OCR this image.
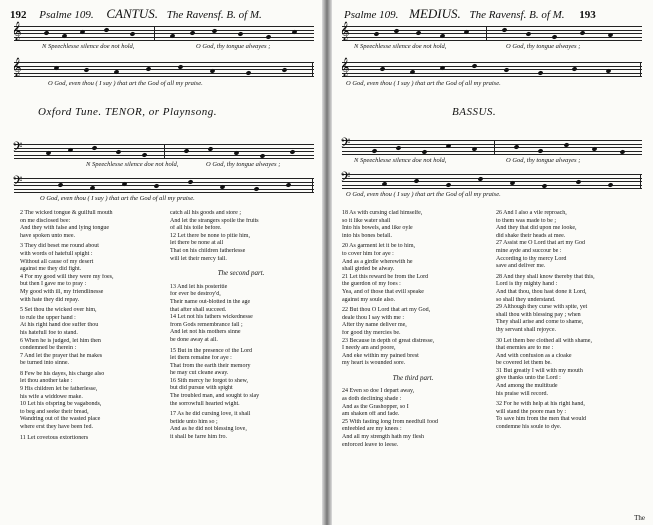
192 Psalme 109. CANTUS. The Ravensf. B. of M.
𝄞
N Speechlesse silence doe not hold,	O God, thy tongue alwayes ;
𝄞
O God, even thou ( I say ) that art the God of all my praise.
Oxford Tune. TENOR, or Playnsong.
𝄢
N Speechlesse silence doe not hold,	O God, thy tongue alwayes ;
𝄢
O God, even thou ( I say ) that art the God of all my praise.
2 The wicked tongue & guilfull mouth
on me disclosed bee:
And they with false and lying tongue
have spoken unto mee.

3 They did beset me round about
with words of hatefull spight :
Without all cause of my desert
against me they did fight.
4 For my good will they were my foes,
but then I gave me to pray :
My good with ill, my friendlinesse
with hate they did repay.

5 Set thou the wicked over him,
to rule the upper hand :
At his right hand doe suffer thou
his hatefull foe to stand.
6 When he is judged, let him then
condemned be therein :
7 And let the prayer that he makes
be turned into sinne.

8 Few be his dayes, his charge also
let thou another take :
9 His children let be fatherlesse,
his wife a widdowe make.
10 Let his ofspring be vagabonds,
to beg and seeke their bread,
Wandring out of the wasted place
where erst they have been fed.

11 Let covetous extortioners
catch all his goods and store ;
And let the strangers spoile the fruits
of all his toile before.
12 Let there be none to pitie him,
let there be none at all
That on his children fatherlesse
will let their mercy fall.

The second part.

13 And let his posteritie
for ever be destroy'd,
Their name out-blotted in the age
that after shall succeed.
14 Let not his fathers wickednesse
from Gods remembrance fall ;
And let not his mothers sinne
be done away at all.

15 But in the presence of the Lord
let them remaine for aye :
That from the earth their memory
he may cut cleane away.
16 Sith mercy he forgot to shew,
but did pursue with spight
The troubled man, and sought to slay
the sorrowfull hearted wight.

17 As he did cursing love, it shall
betide unto him so ;
And as he did not blessing love,
it shall be farre him fro.
Psalme 109. MEDIUS. The Ravensf. B. of M. 193
𝄞
N Speechlesse silence doe not hold,	O God, thy tongue alwayes ;
𝄞
O God, even thou ( I say ) that art the God of all my praise.
BASSUS.
𝄢
N Speechlesse silence doe not hold,	O God, thy tongue alwayes ;
𝄢
O God, even thou ( I say ) that art the God of all my praise.
18 As with cursing clad himselfe,
so it like water shall
Into his bowels, and like oyle
into his bones befall.

20 As garment let it be to him,
to cover him for aye :
And as a girdle wherewith he
shall girded be alway.
21 Let this reward be from the Lord
the guerdon of my foes :
Yea, and of those that evill speake
against my soule also.

22 But thou O Lord that art my God,
deale thou I say with me :
After thy name deliver me,
for good thy mercies be.
23 Because in depth of great distresse,
I needy am and poore,
And eke within my pained brest
my heart is wounded sore.

The third part.

24 Even so doe I depart away,
as doth declining shade :
And as the Grashopper, so I
am shaken off and fade.
25 With fasting long from needfull food
enfeebled are my knees :
And all my strength hath my flesh
enforced leave to leese.
26 And I also a vile reproach,
to them was made to be ;
And they that did upon me looke,
did shake their heads at mee.
27 Assist me O Lord that art my God
mine ayde and succour be :
According to thy mercy Lord
save and deliver me.

28 And they shall know thereby that this,
Lord is thy mighty hand :
And that thou, thou hast done it Lord,
so shall they understand.
29 Although they curse with spite, yet
shall thou with blessing pay ; when
They shall arise and come to shame,
thy servant shall rejoyce.

30 Let them bee clothed all with shame,
that enemies are to me :
And with confusion as a cloake
be covered let them be.
31 But greatly I will with my mouth
give thanks unto the Lord :
And among the multitude
his praise will record.

32 For he with help at his right hand,
will stand the poore man by :
To save him from the men that would
condemne his soule to dye.
The
